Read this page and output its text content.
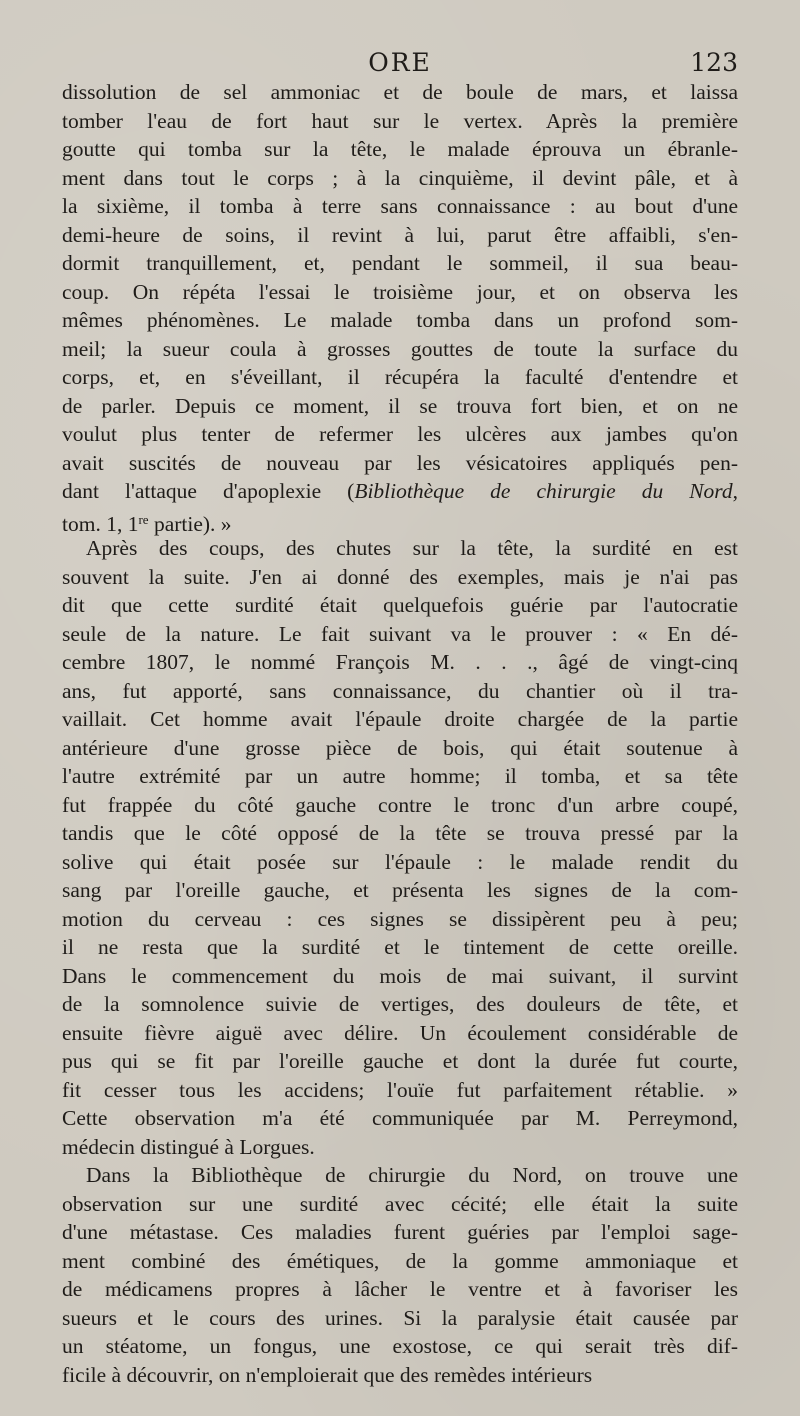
ORE	123
dissolution de sel ammoniac et de boule de mars, et laissa
tomber l'eau de fort haut sur le vertex. Après la première
goutte qui tomba sur la tête, le malade éprouva un ébranle-
ment dans tout le corps ; à la cinquième, il devint pâle, et à
la sixième, il tomba à terre sans connaissance : au bout d'une
demi-heure de soins, il revint à lui, parut être affaibli, s'en-
dormit tranquillement, et, pendant le sommeil, il sua beau-
coup. On répéta l'essai le troisième jour, et on observa les
mêmes phénomènes. Le malade tomba dans un profond som-
meil; la sueur coula à grosses gouttes de toute la surface du
corps, et, en s'éveillant, il récupéra la faculté d'entendre et
de parler. Depuis ce moment, il se trouva fort bien, et on ne
voulut plus tenter de refermer les ulcères aux jambes qu'on
avait suscités de nouveau par les vésicatoires appliqués pen-
dant l'attaque d'apoplexie (Bibliothèque de chirurgie du Nord,
tom. 1, 1re partie). »
Après des coups, des chutes sur la tête, la surdité en est
souvent la suite. J'en ai donné des exemples, mais je n'ai pas
dit que cette surdité était quelquefois guérie par l'autocratie
seule de la nature. Le fait suivant va le prouver : « En dé-
cembre 1807, le nommé François M. . . ., âgé de vingt-cinq
ans, fut apporté, sans connaissance, du chantier où il tra-
vaillait. Cet homme avait l'épaule droite chargée de la partie
antérieure d'une grosse pièce de bois, qui était soutenue à
l'autre extrémité par un autre homme; il tomba, et sa tête
fut frappée du côté gauche contre le tronc d'un arbre coupé,
tandis que le côté opposé de la tête se trouva pressé par la
solive qui était posée sur l'épaule : le malade rendit du
sang par l'oreille gauche, et présenta les signes de la com-
motion du cerveau : ces signes se dissipèrent peu à peu;
il ne resta que la surdité et le tintement de cette oreille.
Dans le commencement du mois de mai suivant, il survint
de la somnolence suivie de vertiges, des douleurs de tête, et
ensuite fièvre aiguë avec délire. Un écoulement considérable de
pus qui se fit par l'oreille gauche et dont la durée fut courte,
fit cesser tous les accidens; l'ouïe fut parfaitement rétablie. »
Cette observation m'a été communiquée par M. Perreymond,
médecin distingué à Lorgues.
Dans la Bibliothèque de chirurgie du Nord, on trouve une
observation sur une surdité avec cécité; elle était la suite
d'une métastase. Ces maladies furent guéries par l'emploi sage-
ment combiné des émétiques, de la gomme ammoniaque et
de médicamens propres à lâcher le ventre et à favoriser les
sueurs et le cours des urines. Si la paralysie était causée par
un stéatome, un fongus, une exostose, ce qui serait très dif-
ficile à découvrir, on n'emploierait que des remèdes intérieurs
